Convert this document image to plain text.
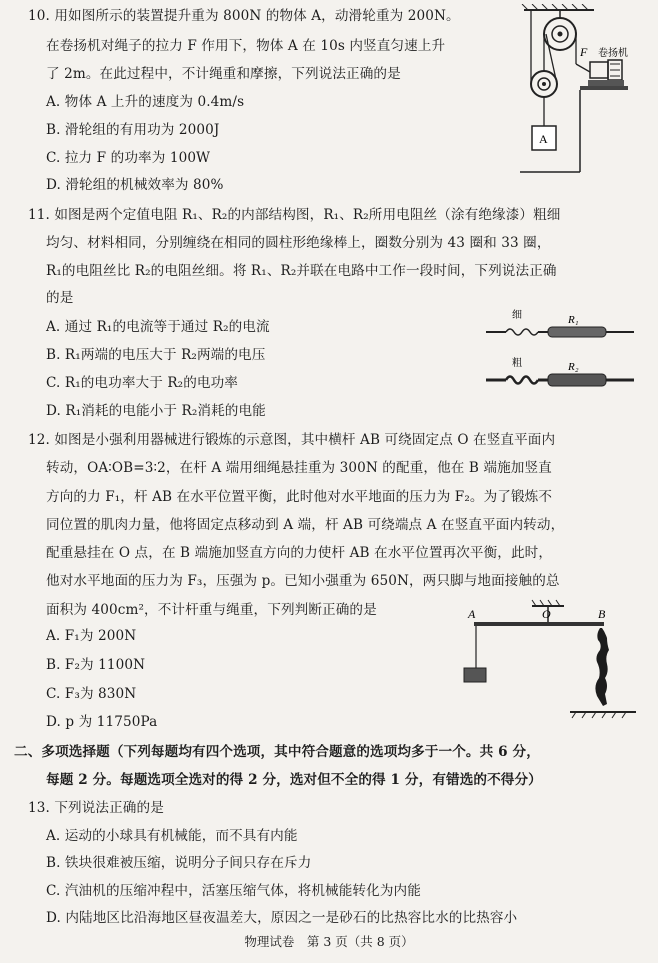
10. 用如图所示的装置提升重为 800N 的物体 A，动滑轮重为 200N。
在卷扬机对绳子的拉力 F 作用下，物体 A 在 10s 内竖直匀速上升
了 2m。在此过程中，不计绳重和摩擦，下列说法正确的是
A. 物体 A 上升的速度为 0.4m/s
B. 滑轮组的有用功为 2000J
C. 拉力 F 的功率为 100W
D. 滑轮组的机械效率为 80%
F 卷扬机
A
11. 如图是两个定值电阻 R₁、R₂的内部结构图，R₁、R₂所用电阻丝（涂有绝缘漆）粗细
均匀、材料相同，分别缠绕在相同的圆柱形绝缘棒上，圈数分别为 43 圈和 33 圈，
R₁的电阻丝比 R₂的电阻丝细。将 R₁、R₂并联在电路中工作一段时间，下列说法正确
的是
A. 通过 R₁的电流等于通过 R₂的电流
B. R₁两端的电压大于 R₂两端的电压
C. R₁的电功率大于 R₂的电功率
D. R₁消耗的电能小于 R₂消耗的电能
细	R₁
粗	R₂
12. 如图是小强利用器械进行锻炼的示意图，其中横杆 AB 可绕固定点 O 在竖直平面内
转动，OA∶OB=3∶2，在杆 A 端用细绳悬挂重为 300N 的配重，他在 B 端施加竖直
方向的力 F₁，杆 AB 在水平位置平衡，此时他对水平地面的压力为 F₂。为了锻炼不
同位置的肌肉力量，他将固定点移动到 A 端，杆 AB 可绕端点 A 在竖直平面内转动，
配重悬挂在 O 点，在 B 端施加竖直方向的力使杆 AB 在水平位置再次平衡，此时，
他对水平地面的压力为 F₃，压强为 p。已知小强重为 650N，两只脚与地面接触的总
面积为 400cm²，不计杆重与绳重，下列判断正确的是
A. F₁为 200N
B. F₂为 1100N
C. F₃为 830N
D. p 为 11750Pa
A	O	B
二、多项选择题（下列每题均有四个选项，其中符合题意的选项均多于一个。共 6 分，
每题 2 分。每题选项全选对的得 2 分，选对但不全的得 1 分，有错选的不得分）
13. 下列说法正确的是
A. 运动的小球具有机械能，而不具有内能
B. 铁块很难被压缩，说明分子间只存在斥力
C. 汽油机的压缩冲程中，活塞压缩气体，将机械能转化为内能
D. 内陆地区比沿海地区昼夜温差大，原因之一是砂石的比热容比水的比热容小
物理试卷　第 3 页（共 8 页）
